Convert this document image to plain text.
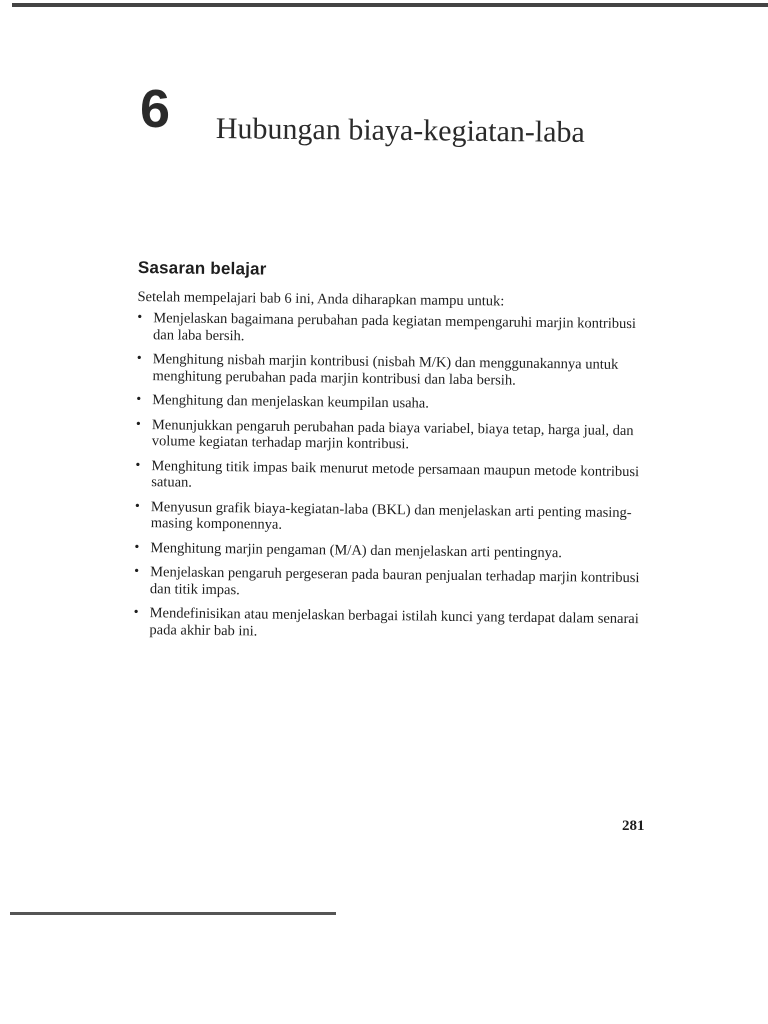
6 Hubungan biaya-kegiatan-laba
Sasaran belajar
Setelah mempelajari bab 6 ini, Anda diharapkan mampu untuk:
• Menjelaskan bagaimana perubahan pada kegiatan mempengaruhi marjin kontribusi dan laba bersih.
• Menghitung nisbah marjin kontribusi (nisbah M/K) dan menggunakannya untuk menghitung perubahan pada marjin kontribusi dan laba bersih.
• Menghitung dan menjelaskan keumpilan usaha.
• Menunjukkan pengaruh perubahan pada biaya variabel, biaya tetap, harga jual, dan volume kegiatan terhadap marjin kontribusi.
• Menghitung titik impas baik menurut metode persamaan maupun metode kontribusi satuan.
• Menyusun grafik biaya-kegiatan-laba (BKL) dan menjelaskan arti penting masing-masing komponennya.
• Menghitung marjin pengaman (M/A) dan menjelaskan arti pentingnya.
• Menjelaskan pengaruh pergeseran pada bauran penjualan terhadap marjin kontribusi dan titik impas.
• Mendefinisikan atau menjelaskan berbagai istilah kunci yang terdapat dalam senarai pada akhir bab ini.
281
